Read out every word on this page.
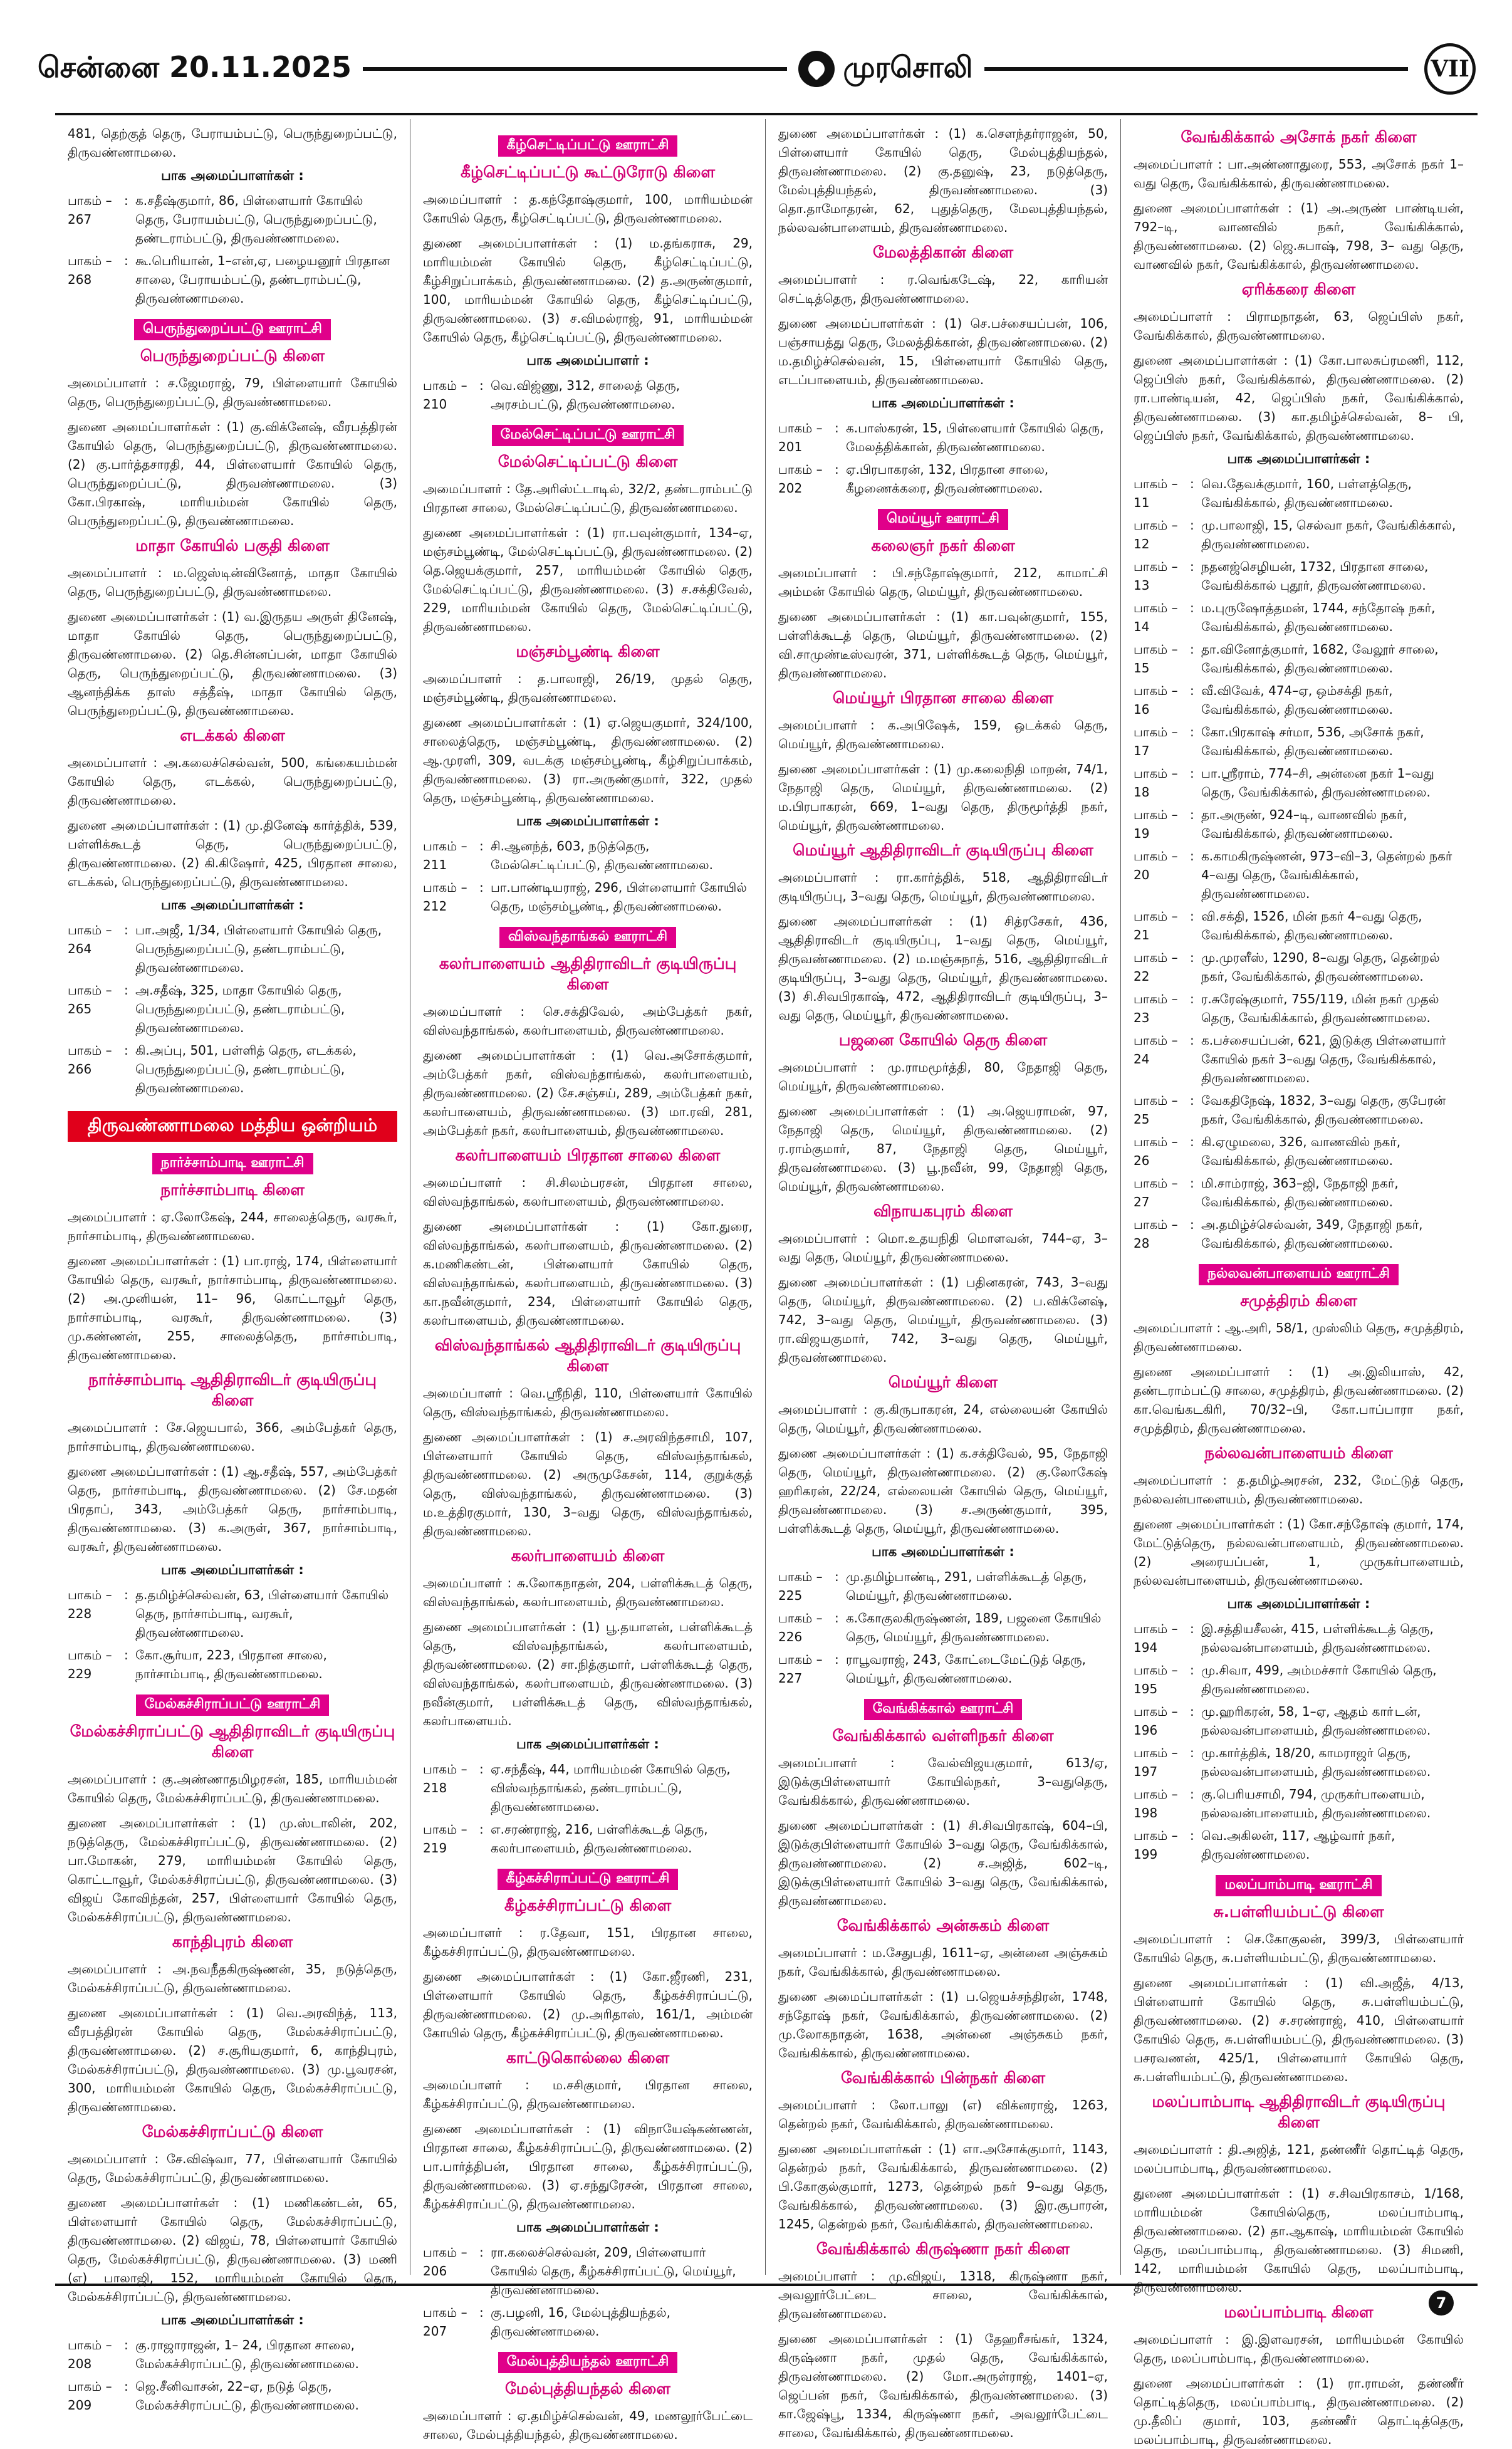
சென்னை 20.11.2025	முரசொலி	VII

481, தெற்குத் தெரு, பேராயம்பட்டு, பெருந்துறைப்பட்டு, திருவண்ணாமலை.

பாக அமைப்பாளர்கள் :
பாகம் – 267
: க.சதீஷ்குமார், 86, பிள்ளையார் கோயில் தெரு, பேராயம்பட்டு, பெருந்துறைப்பட்டு, தண்டராம்பட்டு, திருவண்ணாமலை.
பாகம் – 268
: கூ.பெரியான், 1–என்,ஏ, பழையனூர் பிரதான சாலை, பேராயம்பட்டு, தண்டராம்பட்டு, திருவண்ணாமலை.
பெருந்துறைப்பட்டு ஊராட்சி
பெருந்துறைப்பட்டு கிளை

அமைப்பாளர் : ச.ஜேமராஜ், 79, பிள்ளையார் கோயில் தெரு, பெருந்துறைப்பட்டு, திருவண்ணாமலை.

துணை அமைப்பாளர்கள் : (1) கு.விக்னேஷ், வீரபத்திரன் கோயில் தெரு, பெருந்துறைப்பட்டு, திருவண்ணாமலை. (2) கு.பார்த்தசாரதி, 44, பிள்ளையார் கோயில் தெரு, பெருந்துறைப்பட்டு, திருவண்ணாமலை. (3) கோ.பிரகாஷ், மாரியம்மன் கோயில் தெரு, பெருந்துறைப்பட்டு, திருவண்ணாமலை.

மாதா கோயில் பகுதி கிளை

அமைப்பாளர் : ம.ஜெஸ்டின்வினோத், மாதா கோயில் தெரு, பெருந்துறைப்பட்டு, திருவண்ணாமலை.

துணை அமைப்பாளர்கள் : (1) வ.இருதய அருள் தினேஷ், மாதா கோயில் தெரு, பெருந்துறைப்பட்டு, திருவண்ணாமலை. (2) தெ.சின்னப்பன், மாதா கோயில் தெரு, பெருந்துறைப்பட்டு, திருவண்ணாமலை. (3) ஆனந்திக்க தாஸ் சத்தீஷ், மாதா கோயில் தெரு, பெருந்துறைப்பட்டு, திருவண்ணாமலை.

எடக்கல் கிளை

அமைப்பாளர் : அ.கலைச்செல்வன், 500, கங்கையம்மன் கோயில் தெரு, எடக்கல், பெருந்துறைப்பட்டு, திருவண்ணாமலை.

துணை அமைப்பாளர்கள் : (1) மு.தினேஷ் கார்த்திக், 539, பள்ளிக்கூடத் தெரு, பெருந்துறைப்பட்டு, திருவண்ணாமலை. (2) கி.கிஷோர், 425, பிரதான சாலை, எடக்கல், பெருந்துறைப்பட்டு, திருவண்ணாமலை.

பாக அமைப்பாளர்கள் :
பாகம் – 264
: பா.அஜீ, 1/34, பிள்ளையார் கோயில் தெரு, பெருந்துறைப்பட்டு, தண்டராம்பட்டு, திருவண்ணாமலை.
பாகம் – 265
: அ.சதீஷ், 325, மாதா கோயில் தெரு, பெருந்துறைப்பட்டு, தண்டராம்பட்டு, திருவண்ணாமலை.
பாகம் – 266
: கி.அப்பு, 501, பள்ளித் தெரு, எடக்கல், பெருந்துறைப்பட்டு, தண்டராம்பட்டு, திருவண்ணாமலை.
திருவண்ணாமலை மத்திய ஒன்றியம்
நார்ச்சாம்பாடி ஊராட்சி
நார்ச்சாம்பாடி கிளை

அமைப்பாளர் : ஏ.லோகேஷ், 244, சாலைத்தெரு, வரகூர், நார்சாம்பாடி, திருவண்ணாமலை.

துணை அமைப்பாளர்கள் : (1) பா.ராஜ், 174, பிள்ளையார் கோயில் தெரு, வரகூர், நார்சாம்பாடி, திருவண்ணாமலை. (2) அ.முனியன், 11– 96, கொட்டாவூர் தெரு, நார்சாம்பாடி, வரகூர், திருவண்ணாமலை. (3) மு.கண்ணன், 255, சாலைத்தெரு, நார்சாம்பாடி, திருவண்ணாமலை.

நார்ச்சாம்பாடி ஆதிதிராவிடர் குடியிருப்பு கிளை

அமைப்பாளர் : சே.ஜெயபால், 366, அம்பேத்கர் தெரு, நார்சாம்பாடி, திருவண்ணாமலை.

துணை அமைப்பாளர்கள் : (1) ஆ.சதீஷ், 557, அம்பேத்கர் தெரு, நார்சாம்பாடி, திருவண்ணாமலை. (2) சே.மதன் பிரதாப், 343, அம்பேத்கர் தெரு, நார்சாம்பாடி, திருவண்ணாமலை. (3) க.அருள், 367, நார்சாம்பாடி, வரகூர், திருவண்ணாமலை.

பாக அமைப்பாளர்கள் :
பாகம் – 228
: த.தமிழ்ச்செல்வன், 63, பிள்ளையார் கோயில் தெரு, நார்சாம்பாடி, வரகூர், திருவண்ணாமலை.
பாகம் – 229
: கோ.சூர்யா, 223, பிரதான சாலை, நார்சாம்பாடி, திருவண்ணாமலை.
மேல்கச்சிராப்பட்டு ஊராட்சி
மேல்கச்சிராப்பட்டு ஆதிதிராவிடர் குடியிருப்பு கிளை

அமைப்பாளர் : கு.அண்ணாதமிழரசன், 185, மாரியம்மன் கோயில் தெரு, மேல்கச்சிராப்பட்டு, திருவண்ணாமலை.

துணை அமைப்பாளர்கள் : (1) மு.ஸ்டாலின், 202, நடுத்தெரு, மேல்கச்சிராப்பட்டு, திருவண்ணாமலை. (2) பா.மோகன், 279, மாரியம்மன் கோயில் தெரு, கொட்டாவூர், மேல்கச்சிராப்பட்டு, திருவண்ணாமலை. (3) விஜய் கோவிந்தன், 257, பிள்ளையார் கோயில் தெரு, மேல்கச்சிராப்பட்டு, திருவண்ணாமலை.

காந்திபுரம் கிளை

அமைப்பாளர் : அ.நவநீதகிருஷ்ணன், 35, நடுத்தெரு, மேல்கச்சிராப்பட்டு, திருவண்ணாமலை.

துணை அமைப்பாளர்கள் : (1) வெ.அரவிந்த், 113, வீரபத்திரன் கோயில் தெரு, மேல்கச்சிராப்பட்டு, திருவண்ணாமலை. (2) ச.சூரியகுமார், 6, காந்திபுரம், மேல்கச்சிராப்பட்டு, திருவண்ணாமலை. (3) மு.பூவரசன், 300, மாரியம்மன் கோயில் தெரு, மேல்கச்சிராப்பட்டு, திருவண்ணாமலை.

மேல்கச்சிராப்பட்டு கிளை

அமைப்பாளர் : சே.விஷ்வா, 77, பிள்ளையார் கோயில் தெரு, மேல்கச்சிராப்பட்டு, திருவண்ணாமலை.

துணை அமைப்பாளர்கள் : (1) மணிகண்டன், 65, பிள்ளையார் கோயில் தெரு, மேல்கச்சிராப்பட்டு, திருவண்ணாமலை. (2) விஜய், 78, பிள்ளையார் கோயில் தெரு, மேல்கச்சிராப்பட்டு, திருவண்ணாமலை. (3) மணி (எ) பாலாஜி, 152, மாரியம்மன் கோயில் தெரு, மேல்கச்சிராப்பட்டு, திருவண்ணாமலை.

பாக அமைப்பாளர்கள் :
பாகம் – 208
: கு.ராஜாராஜன், 1– 24, பிரதான சாலை, மேல்கச்சிராப்பட்டு, திருவண்ணாமலை.
பாகம் – 209
: ஜெ.சீனிவாசன், 22–ஏ, நடுத் தெரு, மேல்கச்சிராப்பட்டு, திருவண்ணாமலை.
கீழ்செட்டிப்பட்டு ஊராட்சி
கீழ்செட்டிப்பட்டு கூட்டுரோடு கிளை

அமைப்பாளர் : த.கந்தோஷ்குமார், 100, மாரியம்மன் கோயில் தெரு, கீழ்செட்டிப்பட்டு, திருவண்ணாமலை.

துணை அமைப்பாளர்கள் : (1) ம.தங்கராசு, 29, மாரியம்மன் கோயில் தெரு, கீழ்செட்டிப்பட்டு, கீழ்சிறுப்பாக்கம், திருவண்ணாமலை. (2) த.அருண்குமார், 100, மாரியம்மன் கோயில் தெரு, கீழ்செட்டிப்பட்டு, திருவண்ணாமலை. (3) ச.விமல்ராஜ், 91, மாரியம்மன் கோயில் தெரு, கீழ்செட்டிப்பட்டு, திருவண்ணாமலை.

பாக அமைப்பாளர் :
பாகம் – 210
: வெ.விஜ்ணு, 312, சாலைத் தெரு, அரசம்பட்டு, திருவண்ணாமலை.
மேல்செட்டிப்பட்டு ஊராட்சி
மேல்செட்டிப்பட்டு கிளை

அமைப்பாளர் : தே.அரிஸ்ட்டாடில், 32/2, தண்டராம்பட்டு பிரதான சாலை, மேல்செட்டிப்பட்டு, திருவண்ணாமலை.

துணை அமைப்பாளர்கள் : (1) ரா.பவுன்குமார், 134–ஏ, மஞ்சம்பூண்டி, மேல்செட்டிப்பட்டு, திருவண்ணாமலை. (2) தெ.ஜெயக்குமார், 257, மாரியம்மன் கோயில் தெரு, மேல்செட்டிப்பட்டு, திருவண்ணாமலை. (3) ச.சக்திவேல், 229, மாரியம்மன் கோயில் தெரு, மேல்செட்டிப்பட்டு, திருவண்ணாமலை.

மஞ்சம்பூண்டி கிளை

அமைப்பாளர் : த.பாலாஜி, 26/19, முதல் தெரு, மஞ்சம்பூண்டி, திருவண்ணாமலை.

துணை அமைப்பாளர்கள் : (1) ஏ.ஜெயகுமார், 324/100, சாலைத்தெரு, மஞ்சம்பூண்டி, திருவண்ணாமலை. (2) ஆ.முரளி, 309, வடக்கு மஞ்சம்பூண்டி, கீழ்சிறுப்பாக்கம், திருவண்ணாமலை. (3) ரா.அருண்குமார், 322, முதல் தெரு, மஞ்சம்பூண்டி, திருவண்ணாமலை.

பாக அமைப்பாளர்கள் :
பாகம் – 211
: சி.ஆனந்த், 603, நடுத்தெரு, மேல்செட்டிப்பட்டு, திருவண்ணாமலை.
பாகம் – 212
: பா.பாண்டியராஜ், 296, பிள்ளையார் கோயில் தெரு, மஞ்சம்பூண்டி, திருவண்ணாமலை.
விஸ்வந்தாங்கல் ஊராட்சி
கலர்பாளையம் ஆதிதிராவிடர் குடியிருப்பு கிளை

அமைப்பாளர் : செ.சக்திவேல், அம்பேத்கர் நகர், விஸ்வந்தாங்கல், கலர்பாளையம், திருவண்ணாமலை.

துணை அமைப்பாளர்கள் : (1) வெ.அசோக்குமார், அம்பேத்கர் நகர், விஸ்வந்தாங்கல், கலர்பாளையம், திருவண்ணாமலை. (2) சே.சஞ்சய், 289, அம்பேத்கர் நகர், கலர்பாளையம், திருவண்ணாமலை. (3) மா.ரவி, 281, அம்பேத்கர் நகர், கலர்பாளையம், திருவண்ணாமலை.

கலர்பாளையம் பிரதான சாலை கிளை

அமைப்பாளர் : சி.சிலம்பரசன், பிரதான சாலை, விஸ்வந்தாங்கல், கலர்பாளையம், திருவண்ணாமலை.

துணை அமைப்பாளர்கள் : (1) கோ.துரை, விஸ்வந்தாங்கல், கலர்பாளையம், திருவண்ணாமலை. (2) க.மணிகண்டன், பிள்ளையார் கோயில் தெரு, விஸ்வந்தாங்கல், கலர்பாளையம், திருவண்ணாமலை. (3) கா.நவீன்குமார், 234, பிள்ளையார் கோயில் தெரு, கலர்பாளையம், திருவண்ணாமலை.

விஸ்வந்தாங்கல் ஆதிதிராவிடர் குடியிருப்பு கிளை

அமைப்பாளர் : வெ.ஸ்ரீநிதி, 110, பிள்ளையார் கோயில் தெரு, விஸ்வந்தாங்கல், திருவண்ணாமலை.

துணை அமைப்பாளர்கள் : (1) ச.அரவிந்தசாமி, 107, பிள்ளையார் கோயில் தெரு, விஸ்வந்தாங்கல், திருவண்ணாமலை. (2) அருமுகேசன், 114, குறுக்குத் தெரு, விஸ்வந்தாங்கல், திருவண்ணாமலை. (3) ம.உத்திரகுமார், 130, 3–வது தெரு, விஸ்வந்தாங்கல், திருவண்ணாமலை.

கலர்பாளையம் கிளை

அமைப்பாளர் : சு.லோகநாதன், 204, பள்ளிக்கூடத் தெரு, விஸ்வந்தாங்கல், கலர்பாளையம், திருவண்ணாமலை.

துணை அமைப்பாளர்கள் : (1) பூ.தயாளன், பள்ளிக்கூடத் தெரு, விஸ்வந்தாங்கல், கலர்பாளையம், திருவண்ணாமலை. (2) சா.நித்குமார், பள்ளிக்கூடத் தெரு, விஸ்வந்தாங்கல், கலர்பாளையம், திருவண்ணாமலை. (3) நவீன்குமார், பள்ளிக்கூடத் தெரு, விஸ்வந்தாங்கல், கலர்பாளையம்.

பாக அமைப்பாளர்கள் :
பாகம் – 218
: ஏ.சந்தீஷ், 44, மாரியம்மன் கோயில் தெரு, விஸ்வந்தாங்கல், தண்டராம்பட்டு, திருவண்ணாமலை.
பாகம் – 219
: எ.சரண்ராஜ், 216, பள்ளிக்கூடத் தெரு, கலர்பாளையம், திருவண்ணாமலை.
கீழ்கச்சிராப்பட்டு ஊராட்சி
கீழ்கச்சிராப்பட்டு கிளை

அமைப்பாளர் : ர.தேவா, 151, பிரதான சாலை, கீழ்கச்சிராப்பட்டு, திருவண்ணாமலை.

துணை அமைப்பாளர்கள் : (1) கோ.ஜீரணி, 231, பிள்ளையார் கோயில் தெரு, கீழ்கச்சிராப்பட்டு, திருவண்ணாமலை. (2) மு.அரிதாஸ், 161/1, அம்மன் கோயில் தெரு, கீழ்கச்சிராப்பட்டு, திருவண்ணாமலை.

காட்டுகொல்லை கிளை

அமைப்பாளர் : ம.சசிகுமார், பிரதான சாலை, கீழ்கச்சிராப்பட்டு, திருவண்ணாமலை.

துணை அமைப்பாளர்கள் : (1) விநாயேஷ்கண்ணன், பிரதான சாலை, கீழ்கச்சிராப்பட்டு, திருவண்ணாமலை. (2) பா.பார்த்திபன், பிரதான சாலை, கீழ்கச்சிராப்பட்டு, திருவண்ணாமலை. (3) ஏ.சந்துரேசன், பிரதான சாலை, கீழ்கச்சிராப்பட்டு, திருவண்ணாமலை.

பாக அமைப்பாளர்கள் :
பாகம் – 206
: ரா.கலைச்செல்வன், 209, பிள்ளையார் கோயில் தெரு, கீழ்கச்சிராப்பட்டு, மெய்யூர், திருவண்ணாமலை.
பாகம் – 207
: கு.பழனி, 16, மேல்புத்தியந்தல், திருவண்ணாமலை.
மேல்புத்தியந்தல் ஊராட்சி
மேல்புத்தியந்தல் கிளை

அமைப்பாளர் : ஏ.தமிழ்ச்செல்வன், 49, மணலூர்பேட்டை சாலை, மேல்புத்தியந்தல், திருவண்ணாமலை.

துணை அமைப்பாளர்கள் : (1) க.சௌந்தர்ராஜன், 50, பிள்ளையார் கோயில் தெரு, மேல்புத்தியந்தல், திருவண்ணாமலை. (2) கு.தனுஷ், 23, நடுத்தெரு, மேல்புத்தியந்தல், திருவண்ணாமலை. (3) தொ.தாமோதரன், 62, புதுத்தெரு, மேலபுத்தியந்தல், நல்லவன்பாளையம், திருவண்ணாமலை.

மேலத்திகான் கிளை

அமைப்பாளர் : ர.வெங்கடேஷ், 22, காரியன் செட்டித்தெரு, திருவண்ணாமலை.

துணை அமைப்பாளர்கள் : (1) செ.பச்சையப்பன், 106, பஞ்சாயத்து தெரு, மேலத்திக்கான், திருவண்ணாமலை. (2) ம.தமிழ்ச்செல்வன், 15, பிள்ளையார் கோயில் தெரு, எடப்பாளையம், திருவண்ணாமலை.

பாக அமைப்பாளர்கள் :
பாகம் – 201
: க.பாஸ்கரன், 15, பிள்ளையார் கோயில் தெரு, மேலத்திக்கான், திருவண்ணாமலை.
பாகம் – 202
: ஏ.பிரபாகரன், 132, பிரதான சாலை, கீழணைக்கரை, திருவண்ணாமலை.
மெய்யூர் ஊராட்சி
கலைஞர் நகர் கிளை

அமைப்பாளர் : பி.சந்தோஷ்குமார், 212, காமாட்சி அம்மன் கோயில் தெரு, மெய்யூர், திருவண்ணாமலை.

துணை அமைப்பாளர்கள் : (1) கா.பவுன்குமார், 155, பள்ளிக்கூடத் தெரு, மெய்யூர், திருவண்ணாமலை. (2) வி.சாமுண்டீஸ்வரன், 371, பள்ளிக்கூடத் தெரு, மெய்யூர், திருவண்ணாமலை.

மெய்யூர் பிரதான சாலை கிளை

அமைப்பாளர் : க.அபிஷேக், 159, ஒடக்கல் தெரு, மெய்யூர், திருவண்ணாமலை.

துணை அமைப்பாளர்கள் : (1) மு.கலைநிதி மாறன், 74/1, நேதாஜி தெரு, மெய்யூர், திருவண்ணாமலை. (2) ம.பிரபாகரன், 669, 1–வது தெரு, திருமூர்த்தி நகர், மெய்யூர், திருவண்ணாமலை.

மெய்யூர் ஆதிதிராவிடர் குடியிருப்பு கிளை

அமைப்பாளர் : ரா.கார்த்திக், 518, ஆதிதிராவிடர் குடியிருப்பு, 3–வது தெரு, மெய்யூர், திருவண்ணாமலை.

துணை அமைப்பாளர்கள் : (1) சித்ரசேகர், 436, ஆதிதிராவிடர் குடியிருப்பு, 1–வது தெரு, மெய்யூர், திருவண்ணாமலை. (2) ம.மஞ்சுநாத், 516, ஆதிதிராவிடர் குடியிருப்பு, 3–வது தெரு, மெய்யூர், திருவண்ணாமலை. (3) சி.சிவபிரகாஷ், 472, ஆதிதிராவிடர் குடியிருப்பு, 3–வது தெரு, மெய்யூர், திருவண்ணாமலை.

பஜனை கோயில் தெரு கிளை

அமைப்பாளர் : மு.ராமமூர்த்தி, 80, நேதாஜி தெரு, மெய்யூர், திருவண்ணாமலை.

துணை அமைப்பாளர்கள் : (1) அ.ஜெயராமன், 97, நேதாஜி தெரு, மெய்யூர், திருவண்ணாமலை. (2) ர.ராம்குமார், 87, நேதாஜி தெரு, மெய்யூர், திருவண்ணாமலை. (3) பூ.நவீன், 99, நேதாஜி தெரு, மெய்யூர், திருவண்ணாமலை.

விநாயகபுரம் கிளை

அமைப்பாளர் : மொ.உதயநிதி மொளவன், 744–ஏ, 3–வது தெரு, மெய்யூர், திருவண்ணாமலை.

துணை அமைப்பாளர்கள் : (1) பதினகரன், 743, 3–வது தெரு, மெய்யூர், திருவண்ணாமலை. (2) ப.விக்னேஷ், 742, 3–வது தெரு, மெய்யூர், திருவண்ணாமலை. (3) ரா.விஜயகுமார், 742, 3–வது தெரு, மெய்யூர், திருவண்ணாமலை.

மெய்யூர் கிளை

அமைப்பாளர் : கு.கிருபாகரன், 24, எல்லையன் கோயில் தெரு, மெய்யூர், திருவண்ணாமலை.

துணை அமைப்பாளர்கள் : (1) க.சக்திவேல், 95, நேதாஜி தெரு, மெய்யூர், திருவண்ணாமலை. (2) கு.லோகேஷ் ஹரிகரன், 22/24, எல்லையன் கோயில் தெரு, மெய்யூர், திருவண்ணாமலை. (3) ச.அருண்குமார், 395, பள்ளிக்கூடத் தெரு, மெய்யூர், திருவண்ணாமலை.

பாக அமைப்பாளர்கள் :
பாகம் – 225
: மு.தமிழ்பாண்டி, 291, பள்ளிக்கூடத் தெரு, மெய்யூர், திருவண்ணாமலை.
பாகம் – 226
: க.கோகுலகிருஷ்ணன், 189, பஜனை கோயில் தெரு, மெய்யூர், திருவண்ணாமலை.
பாகம் – 227
: ராபூவராஜ், 243, கோட்டைமேட்டுத் தெரு, மெய்யூர், திருவண்ணாமலை.
வேங்கிக்கால் ஊராட்சி
வேங்கிக்கால் வள்ளிநகர் கிளை

அமைப்பாளர் : வேல்விஜயகுமார், 613/ஏ, இடுக்குபிள்ளையார் கோயில்நகர், 3–வதுதெரு, வேங்கிக்கால், திருவண்ணாமலை.

துணை அமைப்பாளர்கள் : (1) சி.சிவபிரகாஷ், 604–பி, இடுக்குபிள்ளையார் கோயில் 3–வது தெரு, வேங்கிக்கால், திருவண்ணாமலை. (2) ச.அஜித், 602–டி, இடுக்குபிள்ளையார் கோயில் 3–வது தெரு, வேங்கிக்கால், திருவண்ணாமலை.

வேங்கிக்கால் அன்சுகம் கிளை

அமைப்பாளர் : ம.சேதுபதி, 1611–ஏ, அன்னை அஞ்சுகம் நகர், வேங்கிக்கால், திருவண்ணாமலை.

துணை அமைப்பாளர்கள் : (1) ப.ஜெயச்சந்திரன், 1748, சந்தோஷ் நகர், வேங்கிக்கால், திருவண்ணாமலை. (2) மு.லோகநாதன், 1638, அன்னை அஞ்சுகம் நகர், வேங்கிக்கால், திருவண்ணாமலை.

வேங்கிக்கால் பின்நகர் கிளை

அமைப்பாளர் : லோ.பாலு (எ) விக்னராஜ், 1263, தென்றல் நகர், வேங்கிக்கால், திருவண்ணாமலை.

துணை அமைப்பாளர்கள் : (1) எா.அசோக்குமார், 1143, தென்றல் நகர், வேங்கிக்கால், திருவண்ணாமலை. (2) பி.கோகுல்குமார், 1273, தென்றல் நகர் 9–வது தெரு, வேங்கிக்கால், திருவண்ணாமலை. (3) இர.சூபாரன், 1245, தென்றல் நகர், வேங்கிக்கால், திருவண்ணாமலை.

வேங்கிக்கால் கிருஷ்ணா நகர் கிளை

அமைப்பாளர் : மு.விஜய், 1318, கிருஷ்ணா நகர், அவலூர்பேட்டை சாலை, வேங்கிக்கால், திருவண்ணாமலை.

துணை அமைப்பாளர்கள் : (1) தேஹரீசங்கர், 1324, கிருஷ்ணா நகர், முதல் தெரு, வேங்கிக்கால், திருவண்ணாமலை. (2) மோ.அருள்ராஜ், 1401–ஏ, ஜெப்பன் நகர், வேங்கிக்கால், திருவண்ணாமலை. (3) கா.ஜேஷ்பூ, 1334, கிருஷ்ணா நகர், அவலூர்பேட்டை சாலை, வேங்கிக்கால், திருவண்ணாமலை.

வேங்கிக்கால் அசோக் நகர் கிளை

அமைப்பாளர் : பா.அண்ணாதுரை, 553, அசோக் நகர் 1–வது தெரு, வேங்கிக்கால், திருவண்ணாமலை.

துணை அமைப்பாளர்கள் : (1) அ.அருண் பாண்டியன், 792–டி, வாணவில் நகர், வேங்கிக்கால், திருவண்ணாமலை. (2) ஜெ.சுபாஷ், 798, 3– வது தெரு, வாணவில் நகர், வேங்கிக்கால், திருவண்ணாமலை.

ஏரிக்கரை கிளை

அமைப்பாளர் : பிராமநாதன், 63, ஜெப்பிஸ் நகர், வேங்கிக்கால், திருவண்ணாமலை.

துணை அமைப்பாளர்கள் : (1) கோ.பாலசுப்ரமணி, 112, ஜெப்பிஸ் நகர், வேங்கிக்கால், திருவண்ணாமலை. (2) ரா.பாண்டியன், 42, ஜெப்பிஸ் நகர், வேங்கிக்கால், திருவண்ணாமலை. (3) கா.தமிழ்ச்செல்வன், 8– பி, ஜெப்பிஸ் நகர், வேங்கிக்கால், திருவண்ணாமலை.

பாக அமைப்பாளர்கள் :
பாகம் – 11
: வெ.தேவக்குமார், 160, பள்ளத்தெரு, வேங்கிக்கால், திருவண்ணாமலை.
பாகம் – 12
: மு.பாலாஜி, 15, செல்வா நகர், வேங்கிக்கால், திருவண்ணாமலை.
பாகம் – 13
: நதனஜ்செழியன், 1732, பிரதான சாலை, வேங்கிக்கால் புதூர், திருவண்ணாமலை.
பாகம் – 14
: ம.புருஷோத்தமன், 1744, சந்தோஷ் நகர், வேங்கிக்கால், திருவண்ணாமலை.
பாகம் – 15
: தா.வினோத்குமார், 1682, வேலூர் சாலை, வேங்கிக்கால், திருவண்ணாமலை.
பாகம் – 16
: வீ.விவேக், 474–ஏ, ஒம்சக்தி நகர், வேங்கிக்கால், திருவண்ணாமலை.
பாகம் – 17
: கோ.பிரகாஷ் சர்மா, 536, அசோக் நகர், வேங்கிக்கால், திருவண்ணாமலை.
பாகம் – 18
: பா.ஸ்ரீராம், 774–சி, அன்னை நகர் 1–வது தெரு, வேங்கிக்கால், திருவண்ணாமலை.
பாகம் – 19
: தா.அருண், 924–டி, வாணவில் நகர், வேங்கிக்கால், திருவண்ணாமலை.
பாகம் – 20
: க.காமகிருஷ்ணன், 973–வி–3, தென்றல் நகர் 4–வது தெரு, வேங்கிக்கால், திருவண்ணாமலை.
பாகம் – 21
: வி.சக்தி, 1526, மின் நகர் 4–வது தெரு, வேங்கிக்கால், திருவண்ணாமலை.
பாகம் – 22
: மு.முரளீஸ், 1290, 8–வது தெரு, தென்றல் நகர், வேங்கிக்கால், திருவண்ணாமலை.
பாகம் – 23
: ர.சுரேஷ்குமார், 755/119, மின் நகர் முதல் தெரு, வேங்கிக்கால், திருவண்ணாமலை.
பாகம் – 24
: க.பச்சையப்பன், 621, இடுக்கு பிள்ளையார் கோயில் நகர் 3–வது தெரு, வேங்கிக்கால், திருவண்ணாமலை.
பாகம் – 25
: வேகதிநேஷ், 1832, 3–வது தெரு, குபேரன் நகர், வேங்கிக்கால், திருவண்ணாமலை.
பாகம் – 26
: கி.ஏழுமலை, 326, வாணவில் நகர், வேங்கிக்கால், திருவண்ணாமலை.
பாகம் – 27
: மி.சாம்ராஜ், 363–ஜி, நேதாஜி நகர், வேங்கிக்கால், திருவண்ணாமலை.
பாகம் – 28
: அ.தமிழ்ச்செல்வன், 349, நேதாஜி நகர், வேங்கிக்கால், திருவண்ணாமலை.
நல்லவன்பாளையம் ஊராட்சி
சமுத்திரம் கிளை

அமைப்பாளர் : ஆ.அரி, 58/1, முஸ்லிம் தெரு, சமுத்திரம், திருவண்ணாமலை.

துணை அமைப்பாளர் : (1) அ.இலியாஸ், 42, தண்டராம்பட்டு சாலை, சமுத்திரம், திருவண்ணாமலை. (2) கா.வெங்கடகிரி, 70/32–பி, கோ.பாப்பாரா நகர், சமுத்திரம், திருவண்ணாமலை.

நல்லவன்பாளையம் கிளை

அமைப்பாளர் : த.தமிழ்அரசன், 232, மேட்டுத் தெரு, நல்லவன்பாளையம், திருவண்ணாமலை.

துணை அமைப்பாளர்கள் : (1) கோ.சந்தோஷ் குமார், 174, மேட்டுத்தெரு, நல்லவன்பாளையம், திருவண்ணாமலை. (2) அரையப்பன், 1, முருகர்பாளையம், நல்லவன்பாளையம், திருவண்ணாமலை.

பாக அமைப்பாளர்கள் :
பாகம் – 194
: இ.சத்தியசீலன், 415, பள்ளிக்கூடத் தெரு, நல்லவன்பாளையம், திருவண்ணாமலை.
பாகம் – 195
: மு.சிவா, 499, அம்மச்சார் கோயில் தெரு, திருவண்ணாமலை.
பாகம் – 196
: மு.ஹரிகரன், 58, 1–ஏ, ஆதம் காா்டன், நல்லவன்பாளையம், திருவண்ணாமலை.
பாகம் – 197
: மு.கார்த்திக், 18/20, காமராஜர் தெரு, நல்லவன்பாளையம், திருவண்ணாமலை.
பாகம் – 198
: கு.பெரியசாமி, 794, முருகர்பாளையம், நல்லவன்பாளையம், திருவண்ணாமலை.
பாகம் – 199
: வெ.அகிலன், 117, ஆழ்வார் நகர், திருவண்ணாமலை.
மலப்பாம்பாடி ஊராட்சி
சு.பள்ளியம்பட்டு கிளை

அமைப்பாளர் : செ.கோகுலன், 399/3, பிள்ளையார் கோயில் தெரு, சு.பள்ளியம்பட்டு, திருவண்ணாமலை.

துணை அமைப்பாளர்கள் : (1) வி.அஜீத், 4/13, பிள்ளையார் கோயில் தெரு, சு.பள்ளியம்பட்டு, திருவண்ணாமலை. (2) ச.சரண்ராஜ், 410, பிள்ளையார் கோயில் தெரு, சு.பள்ளியம்பட்டு, திருவண்ணாமலை. (3) பசரவணன், 425/1, பிள்ளையார் கோயில் தெரு, சு.பள்ளியம்பட்டு, திருவண்ணாமலை.

மலப்பாம்பாடி ஆதிதிராவிடர் குடியிருப்பு கிளை

அமைப்பாளர் : தி.அஜித், 121, தண்ணீர் தொட்டித் தெரு, மலப்பாம்பாடி, திருவண்ணாமலை.

துணை அமைப்பாளர்கள் : (1) ச.சிவபிரகாசம், 1/168, மாரியம்மன் கோயில்தெரு, மலப்பாம்பாடி, திருவண்ணாமலை. (2) தா.ஆகாஷ், மாரியம்மன் கோயில் தெரு, மலப்பாம்பாடி, திருவண்ணாமலை. (3) சிமணி, 142, மாரியம்மன் கோயில் தெரு, மலப்பாம்பாடி, திருவண்ணாமலை.

மலப்பாம்பாடி கிளை

அமைப்பாளர் : இ.இளவரசன், மாரியம்மன் கோயில் தெரு, மலப்பாம்பாடி, திருவண்ணாமலை.

துணை அமைப்பாளர்கள் : (1) ரா.ராமன், தண்ணீர் தொட்டித்தெரு, மலப்பாம்பாடி, திருவண்ணாமலை. (2) மு.தீலிப் குமார், 103, தண்ணீர் தொட்டித்தெரு, மலப்பாம்பாடி, திருவண்ணாமலை.

7
